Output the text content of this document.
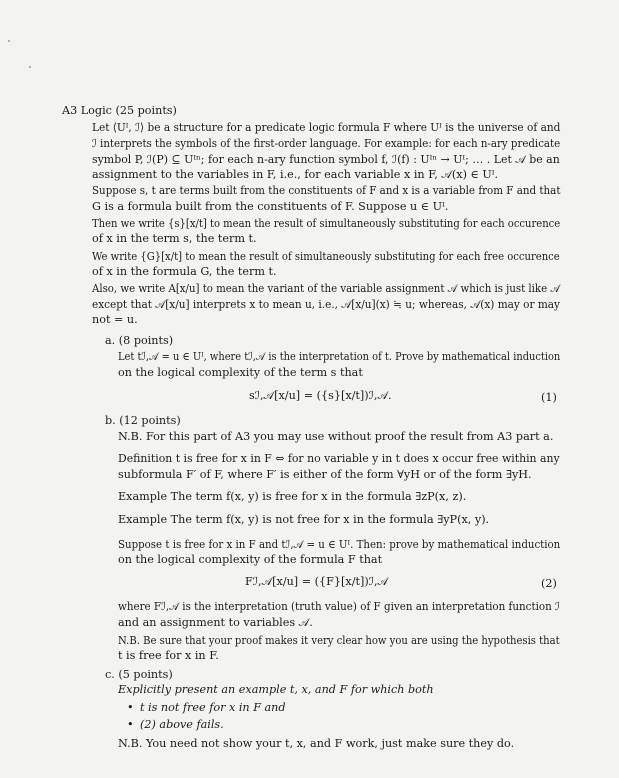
A3 Logic (25 points)
Let ⟨Uᴵ, ℐ⟩ be a structure for a predicate logic formula F where Uᴵ is the universe of and
ℐ interprets the symbols of the first-order language. For example: for each n-ary predicate
symbol P, ℐ(P) ⊆ Uᴵⁿ; for each n-ary function symbol f, ℐ(f) : Uᴵⁿ → Uᴵ; … . Let 𝒜 be an
assignment to the variables in F, i.e., for each variable x in F, 𝒜(x) ∈ Uᴵ.
Suppose s, t are terms built from the constituents of F and x is a variable from F and that
G is a formula built from the constituents of F. Suppose u ∈ Uᴵ.
Then we write {s}[x/t] to mean the result of simultaneously substituting for each occurence
of x in the term s, the term t.
We write {G}[x/t] to mean the result of simultaneously substituting for each free occurence
of x in the formula G, the term t.
Also, we write A[x/u] to mean the variant of the variable assignment 𝒜 which is just like 𝒜
except that 𝒜[x/u] interprets x to mean u, i.e., 𝒜[x/u](x) ≒ u; whereas, 𝒜(x) may or may
not = u.
a. (8 points)
Let tℐ,𝒜 = u ∈ Uᴵ, where tℐ,𝒜 is the interpretation of t. Prove by mathematical induction
on the logical complexity of the term s that
sℐ,𝒜[x/u] = ({s}[x/t])ℐ,𝒜.	(1)
b. (12 points)
N.B. For this part of A3 you may use without proof the result from A3 part a.
Definition t is free for x in F ⇔ for no variable y in t does x occur free within any
subformula F′ of F, where F′ is either of the form ∀yH or of the form ∃yH.
Example The term f(x, y) is free for x in the formula ∃zP(x, z).
Example The term f(x, y) is not free for x in the formula ∃yP(x, y).
Suppose t is free for x in F and tℐ,𝒜 = u ∈ Uᴵ. Then: prove by mathematical induction
on the logical complexity of the formula F that
Fℐ,𝒜[x/u] = ({F}[x/t])ℐ,𝒜	(2)
where Fℐ,𝒜 is the interpretation (truth value) of F given an interpretation function ℐ
and an assignment to variables 𝒜.
N.B. Be sure that your proof makes it very clear how you are using the hypothesis that
t is free for x in F.
c. (5 points)
Explicitly present an example t, x, and F for which both
• t is not free for x in F and
• (2) above fails.
N.B. You need not show your t, x, and F work, just make sure they do.
